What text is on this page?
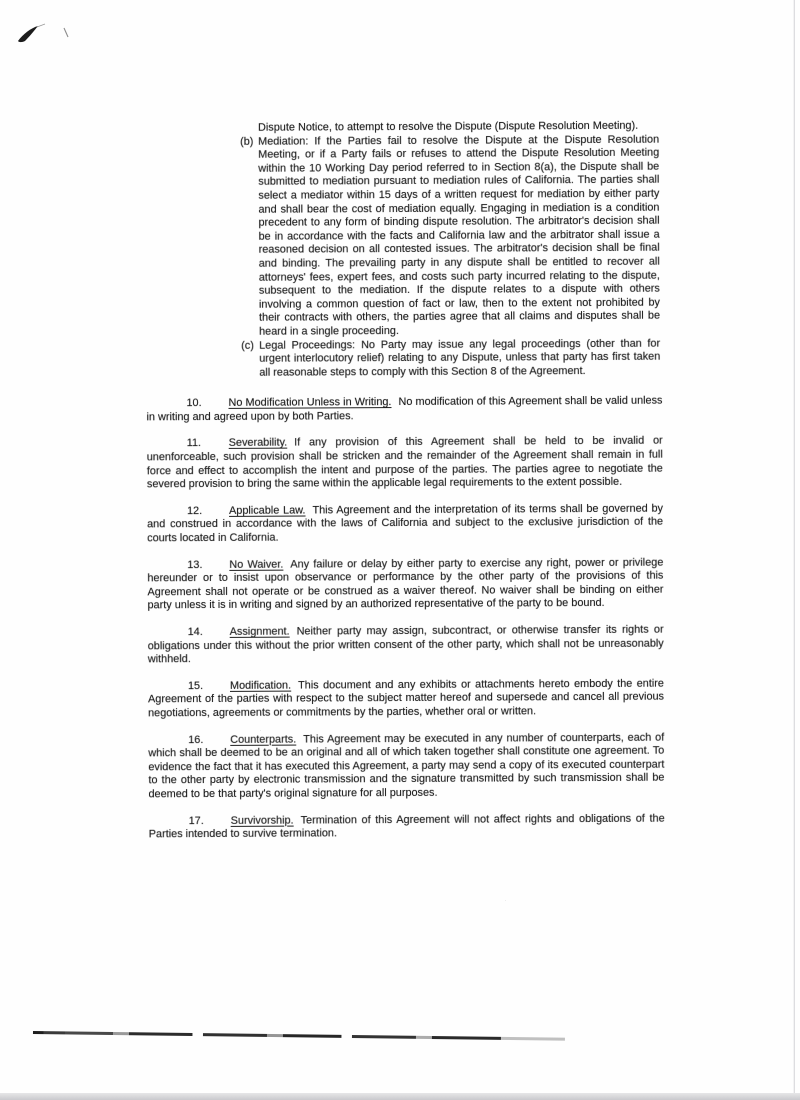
Dispute Notice, to attempt to resolve the Dispute (Dispute Resolution Meeting).

(b) Mediation: If the Parties fail to resolve the Dispute at the Dispute Resolution Meeting, or if a Party fails or refuses to attend the Dispute Resolution Meeting within the 10 Working Day period referred to in Section 8(a), the Dispute shall be submitted to mediation pursuant to mediation rules of California. The parties shall select a mediator within 15 days of a written request for mediation by either party and shall bear the cost of mediation equally. Engaging in mediation is a condition precedent to any form of binding dispute resolution. The arbitrator's decision shall be in accordance with the facts and California law and the arbitrator shall issue a reasoned decision on all contested issues. The arbitrator's decision shall be final and binding. The prevailing party in any dispute shall be entitled to recover all attorneys' fees, expert fees, and costs such party incurred relating to the dispute, subsequent to the mediation. If the dispute relates to a dispute with others involving a common question of fact or law, then to the extent not prohibited by their contracts with others, the parties agree that all claims and disputes shall be heard in a single proceeding.

(c) Legal Proceedings: No Party may issue any legal proceedings (other than for urgent interlocutory relief) relating to any Dispute, unless that party has first taken all reasonable steps to comply with this Section 8 of the Agreement.

10. No Modification Unless in Writing. No modification of this Agreement shall be valid unless in writing and agreed upon by both Parties.

11.	Severability. If any provision of this Agreement shall be held to be invalid or unenforceable, such provision shall be stricken and the remainder of the Agreement shall remain in full force and effect to accomplish the intent and purpose of the parties. The parties agree to negotiate the severed provision to bring the same within the applicable legal requirements to the extent possible.

12. Applicable Law. This Agreement and the interpretation of its terms shall be governed by and construed in accordance with the laws of California and subject to the exclusive jurisdiction of the courts located in California.

13. No Waiver. Any failure or delay by either party to exercise any right, power or privilege hereunder or to insist upon observance or performance by the other party of the provisions of this Agreement shall not operate or be construed as a waiver thereof. No waiver shall be binding on either party unless it is in writing and signed by an authorized representative of the party to be bound.

14. Assignment. Neither party may assign, subcontract, or otherwise transfer its rights or obligations under this without the prior written consent of the other party, which shall not be unreasonably withheld.

15. Modification. This document and any exhibits or attachments hereto embody the entire Agreement of the parties with respect to the subject matter hereof and supersede and cancel all previous negotiations, agreements or commitments by the parties, whether oral or written.

16. Counterparts. This Agreement may be executed in any number of counterparts, each of which shall be deemed to be an original and all of which taken together shall constitute one agreement. To evidence the fact that it has executed this Agreement, a party may send a copy of its executed counterpart to the other party by electronic transmission and the signature transmitted by such transmission shall be deemed to be that party's original signature for all purposes.

17. Survivorship. Termination of this Agreement will not affect rights and obligations of the Parties intended to survive termination.
